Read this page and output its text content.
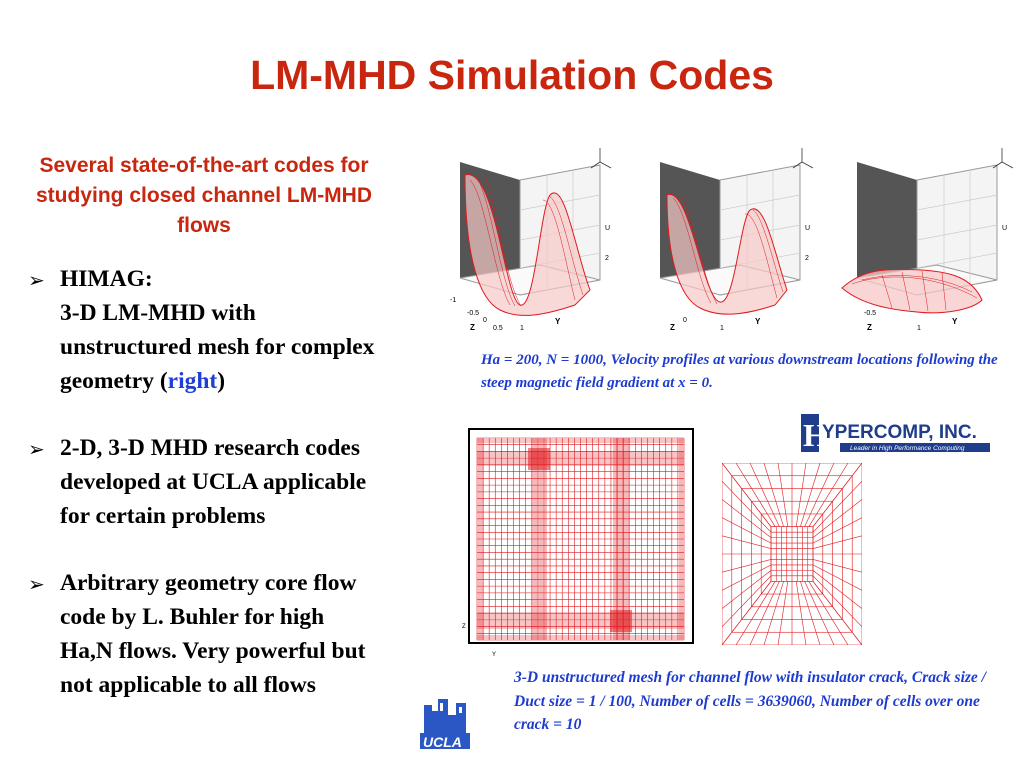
LM-MHD Simulation Codes
Several state-of-the-art codes for studying closed channel LM-MHD flows
➢ HIMAG:
3-D LM-MHD with
unstructured mesh for complex
geometry (right)
➢ 2-D, 3-D MHD research codes
developed at UCLA applicable
for certain problems
➢ Arbitrary geometry core flow
code by L. Buhler for high
Ha,N flows. Very powerful but
not applicable to all flows
-1
-0.5
0
0.5 1
Z
Y
U
2
0
1
Z
Y
U
2
-0.5
1
Z
Y
U
Ha = 200, N = 1000, Velocity profiles at various downstream locations following the steep magnetic field gradient at x = 0.
H
YPERCOMP, INC.
Leader in High Performance Computing
Z
Y
UCLA
3-D unstructured mesh for channel flow with insulator crack, Crack size / Duct size = 1 / 100, Number of cells = 3639060, Number of cells over one crack = 10
